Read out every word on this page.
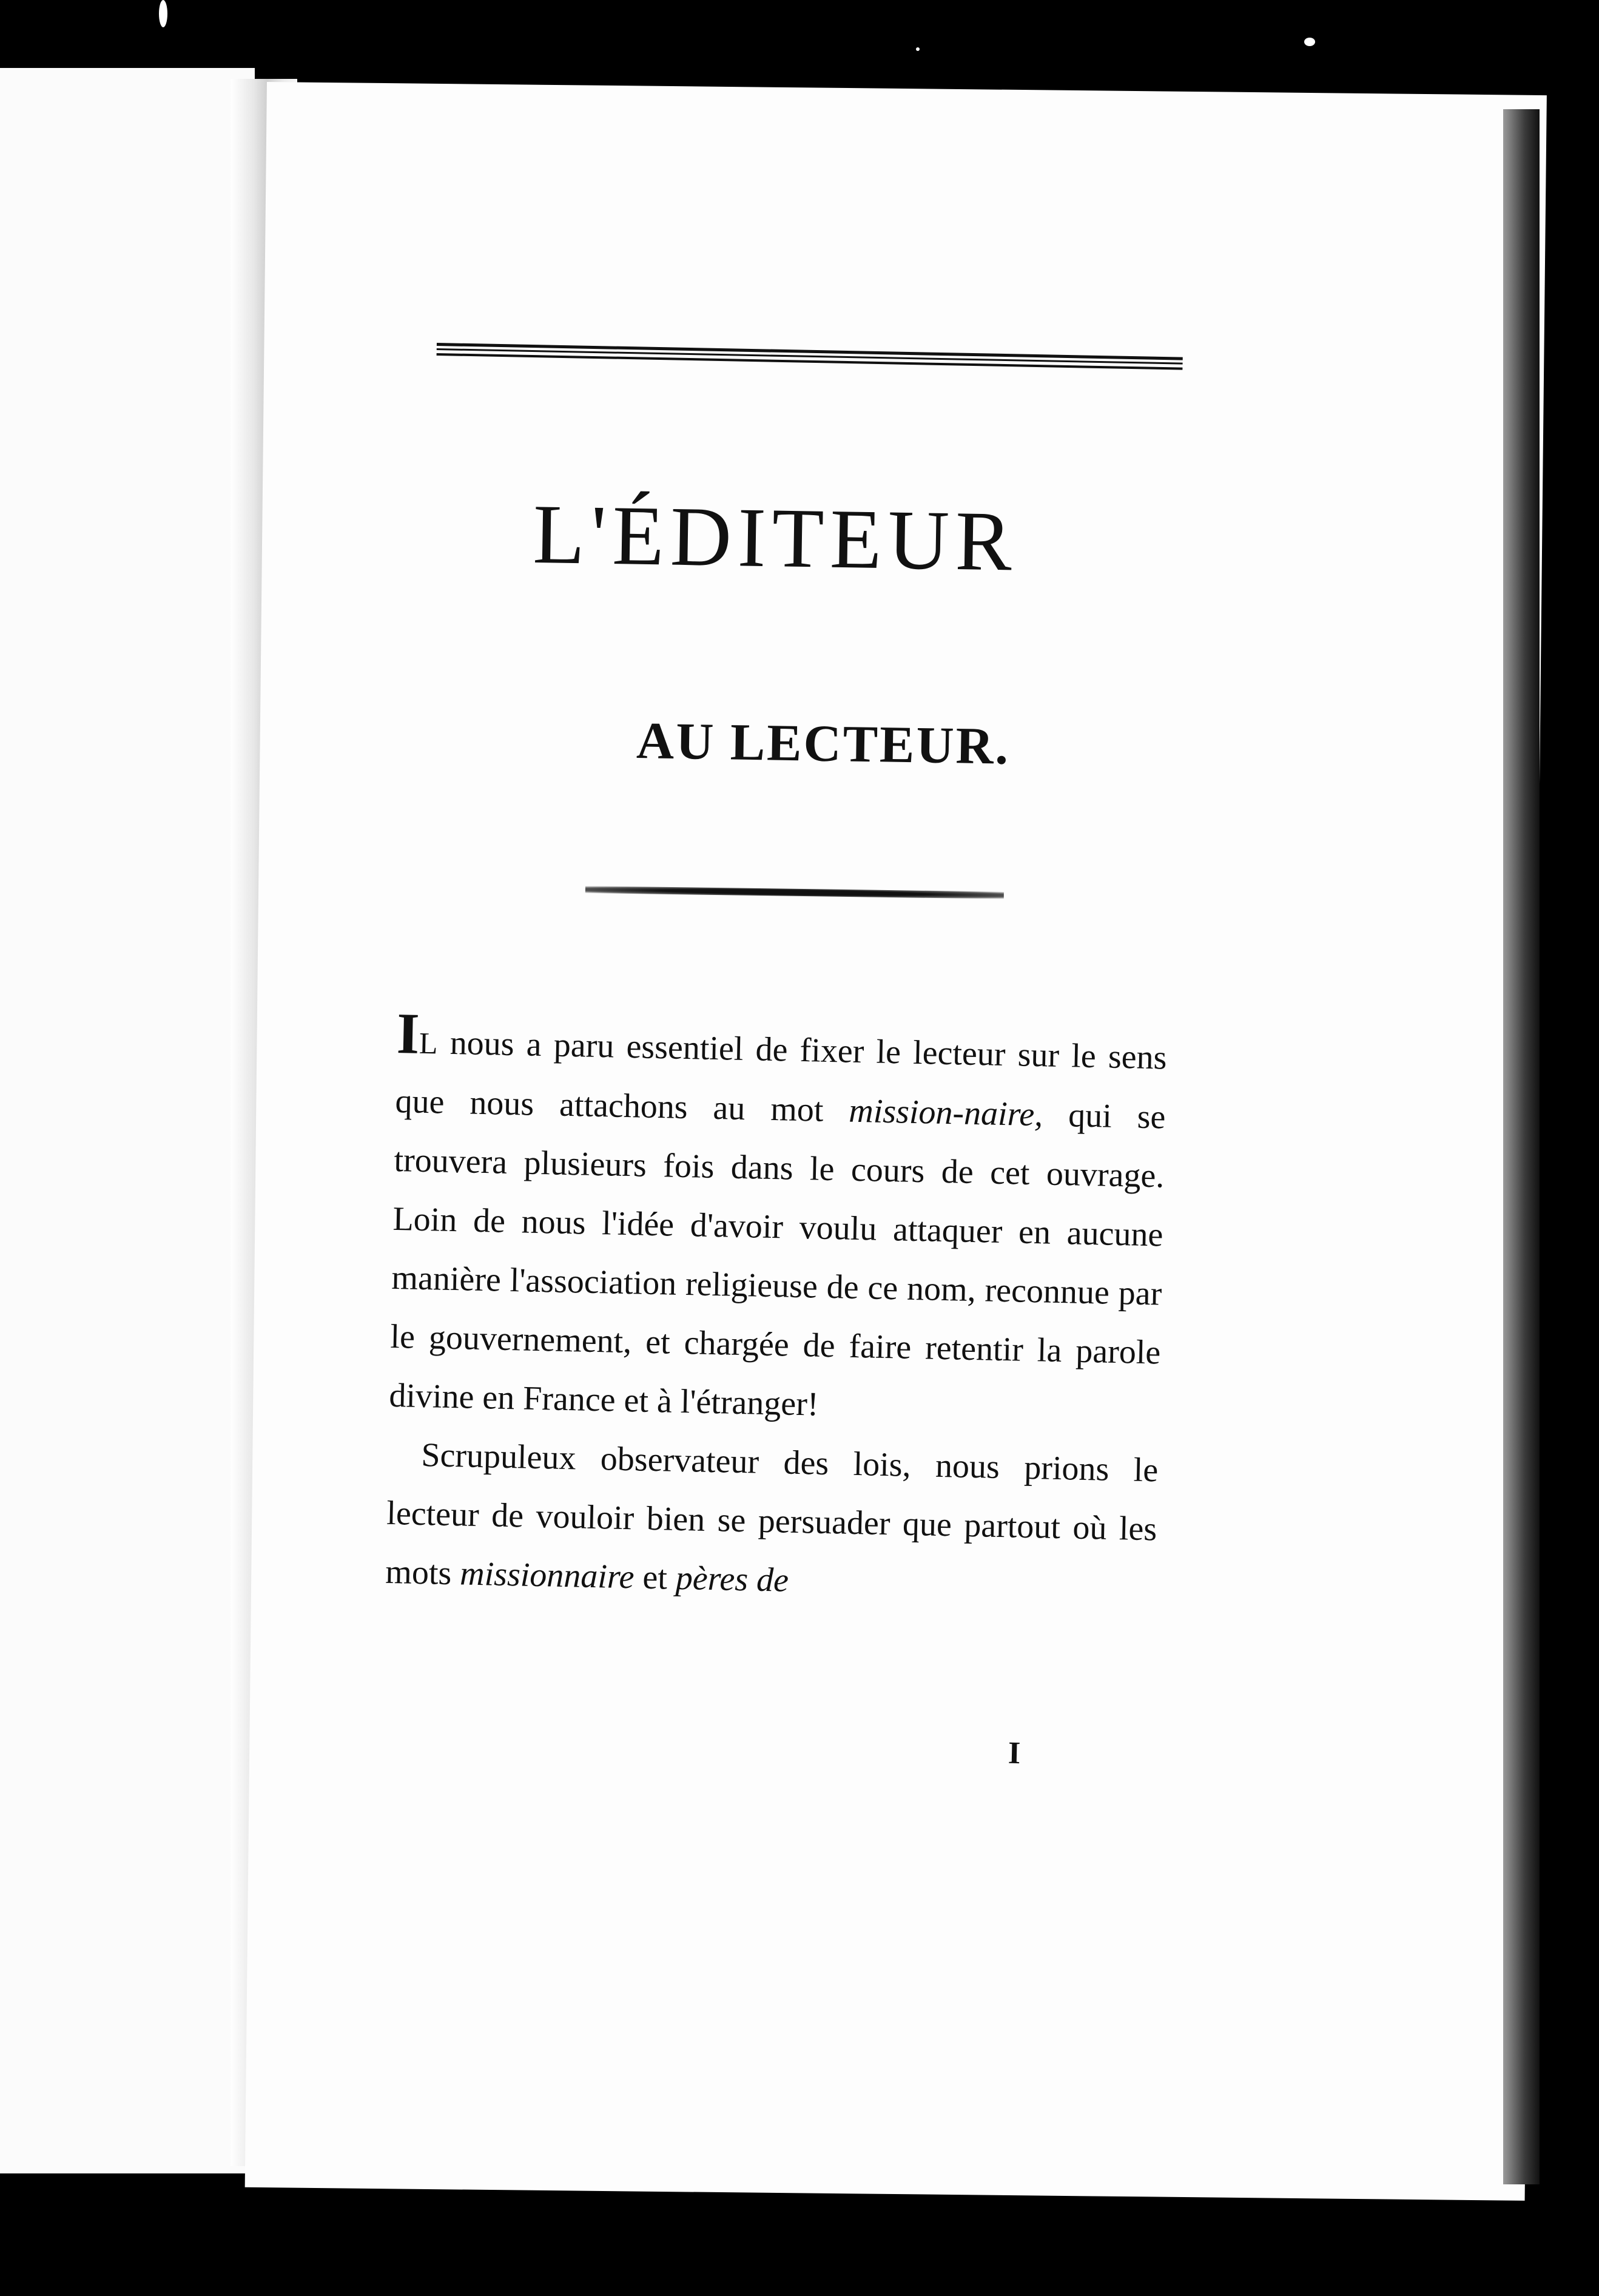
L'ÉDITEUR
AU LECTEUR.

IL nous a paru essentiel de fixer le lecteur sur le sens que nous attachons au mot mission-naire, qui se trouvera plusieurs fois dans le cours de cet ouvrage. Loin de nous l'idée d'avoir voulu attaquer en aucune manière l'association religieuse de ce nom, reconnue par le gouvernement, et chargée de faire retentir la parole divine en France et à l'étranger!

Scrupuleux observateur des lois, nous prions le lecteur de vouloir bien se persuader que partout où les mots missionnaire et pères de

I
